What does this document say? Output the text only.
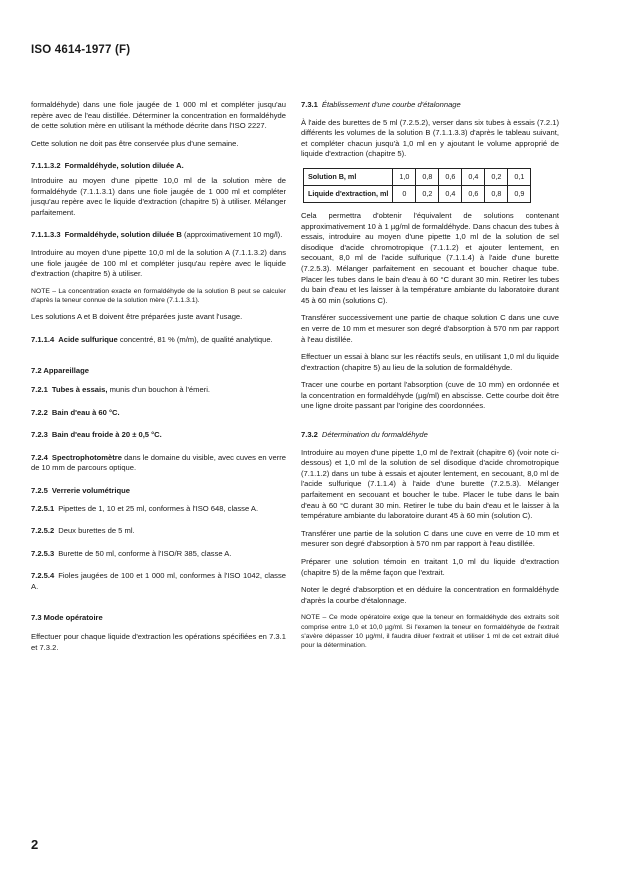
ISO 4614-1977 (F)

formaldéhyde) dans une fiole jaugée de 1 000 ml et compléter jusqu'au repère avec de l'eau distillée. Déterminer la concentration en formaldéhyde de cette solution mère en utilisant la méthode décrite dans l'ISO 2227.

Cette solution ne doit pas être conservée plus d'une semaine.

7.1.1.3.2 Formaldéhyde, solution diluée A.

Introduire au moyen d'une pipette 10,0 ml de la solution mère de formaldéhyde (7.1.1.3.1) dans une fiole jaugée de 1 000 ml et compléter jusqu'au repère avec le liquide d'extraction (chapitre 5) à utiliser. Mélanger parfaitement.

7.1.1.3.3 Formaldéhyde, solution diluée B (approximativement 10 mg/l).

Introduire au moyen d'une pipette 10,0 ml de la solution A (7.1.1.3.2) dans une fiole jaugée de 100 ml et compléter jusqu'au repère avec le liquide d'extraction (chapitre 5) à utiliser.

NOTE – La concentration exacte en formaldéhyde de la solution B peut se calculer d'après la teneur connue de la solution mère (7.1.1.3.1).

Les solutions A et B doivent être préparées juste avant l'usage.

7.1.1.4 Acide sulfurique concentré, 81 % (m/m), de qualité analytique.

7.2 Appareillage

7.2.1 Tubes à essais, munis d'un bouchon à l'émeri.

7.2.2 Bain d'eau à 60 °C.

7.2.3 Bain d'eau froide à 20 ± 0,5 °C.

7.2.4 Spectrophotomètre dans le domaine du visible, avec cuves en verre de 10 mm de parcours optique.

7.2.5 Verrerie volumétrique

7.2.5.1 Pipettes de 1, 10 et 25 ml, conformes à l'ISO 648, classe A.

7.2.5.2 Deux burettes de 5 ml.

7.2.5.3 Burette de 50 ml, conforme à l'ISO/R 385, classe A.

7.2.5.4 Fioles jaugées de 100 et 1 000 ml, conformes à l'ISO 1042, classe A.

7.3 Mode opératoire

Effectuer pour chaque liquide d'extraction les opérations spécifiées en 7.3.1 et 7.3.2.

7.3.1 Établissement d'une courbe d'étalonnage

À l'aide des burettes de 5 ml (7.2.5.2), verser dans six tubes à essais (7.2.1) différents les volumes de la solution B (7.1.1.3.3) d'après le tableau suivant, et compléter chacun jusqu'à 1,0 ml en y ajoutant le volume approprié de liquide d'extraction (chapitre 5).

Solution B, ml	1,0	0,8	0,6	0,4	0,2	0,1
Liquide d'extraction, ml	0	0,2	0,4	0,6	0,8	0,9

Cela permettra d'obtenir l'équivalent de solutions contenant approximativement 10 à 1 µg/ml de formaldéhyde. Dans chacun des tubes à essais, introduire au moyen d'une pipette 1,0 ml de la solution de sel disodique d'acide chromotropique (7.1.1.2) et ajouter lentement, en secouant, 8,0 ml de l'acide sulfurique (7.1.1.4) à l'aide d'une burette (7.2.5.3). Mélanger parfaitement en secouant et boucher chaque tube. Placer les tubes dans le bain d'eau à 60 °C durant 30 min. Retirer les tubes du bain d'eau et les laisser à la température ambiante du laboratoire durant 45 à 60 min (solutions C).

Transférer successivement une partie de chaque solution C dans une cuve en verre de 10 mm et mesurer son degré d'absorption à 570 nm par rapport à l'eau distillée.

Effectuer un essai à blanc sur les réactifs seuls, en utilisant 1,0 ml du liquide d'extraction (chapitre 5) au lieu de la solution de formaldéhyde.

Tracer une courbe en portant l'absorption (cuve de 10 mm) en ordonnée et la concentration en formaldéhyde (µg/ml) en abscisse. Cette courbe doit être une ligne droite passant par l'origine des coordonnées.

7.3.2 Détermination du formaldéhyde

Introduire au moyen d'une pipette 1,0 ml de l'extrait (chapitre 6) (voir note ci-dessous) et 1,0 ml de la solution de sel disodique d'acide chromotropique (7.1.1.2) dans un tube à essais et ajouter lentement, en secouant, 8,0 ml de l'acide sulfurique (7.1.1.4) à l'aide d'une burette (7.2.5.3). Mélanger parfaitement en secouant et boucher le tube. Placer le tube dans le bain d'eau à 60 °C durant 30 min. Retirer le tube du bain d'eau et le laisser à la température ambiante du laboratoire durant 45 à 60 min (solution C).

Transférer une partie de la solution C dans une cuve en verre de 10 mm et mesurer son degré d'absorption à 570 nm par rapport à l'eau distillée.

Préparer une solution témoin en traitant 1,0 ml du liquide d'extraction (chapitre 5) de la même façon que l'extrait.

Noter le degré d'absorption et en déduire la concentration en formaldéhyde d'après la courbe d'étalonnage.

NOTE – Ce mode opératoire exige que la teneur en formaldéhyde des extraits soit comprise entre 1,0 et 10,0 µg/ml. Si l'examen la teneur en formaldéhyde de l'extrait s'avère dépasser 10 µg/ml, il faudra diluer l'extrait et utiliser 1 ml de cet extrait dilué pour la détermination.

2
